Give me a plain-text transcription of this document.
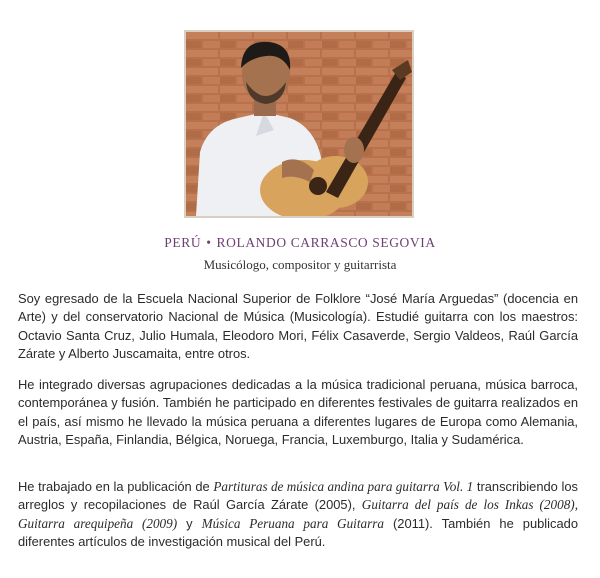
PERÚ • ROLANDO CARRASCO SEGOVIA
Musicólogo, compositor y guitarrista

Soy egresado de la Escuela Nacional Superior de Folklore “José María Arguedas” (docencia en Arte) y del conservatorio Nacional de Música (Musicología). Estudié guitarra con los maestros: Octavio Santa Cruz, Julio Humala, Eleodoro Mori, Félix Casaverde, Sergio Valdeos, Raúl García Zárate y Alberto Juscamaita, entre otros.

He integrado diversas agrupaciones dedicadas a la música tradicional peruana, música barroca, contemporánea y fusión. También he participado en diferentes festivales de guitarra realizados en el país, así mismo he llevado la música peruana a diferentes lugares de Europa como Alemania, Austria, España, Finlandia, Bélgica, Noruega, Francia, Luxemburgo, Italia y Sudamérica.

He trabajado en la publicación de Partituras de música andina para guitarra Vol. 1 transcribiendo los arreglos y recopilaciones de Raúl García Zárate (2005), Guitarra del país de los Inkas (2008), Guitarra arequipeña (2009) y Música Peruana para Guitarra (2011). También he publicado diferentes artículos de investigación musical del Perú.
